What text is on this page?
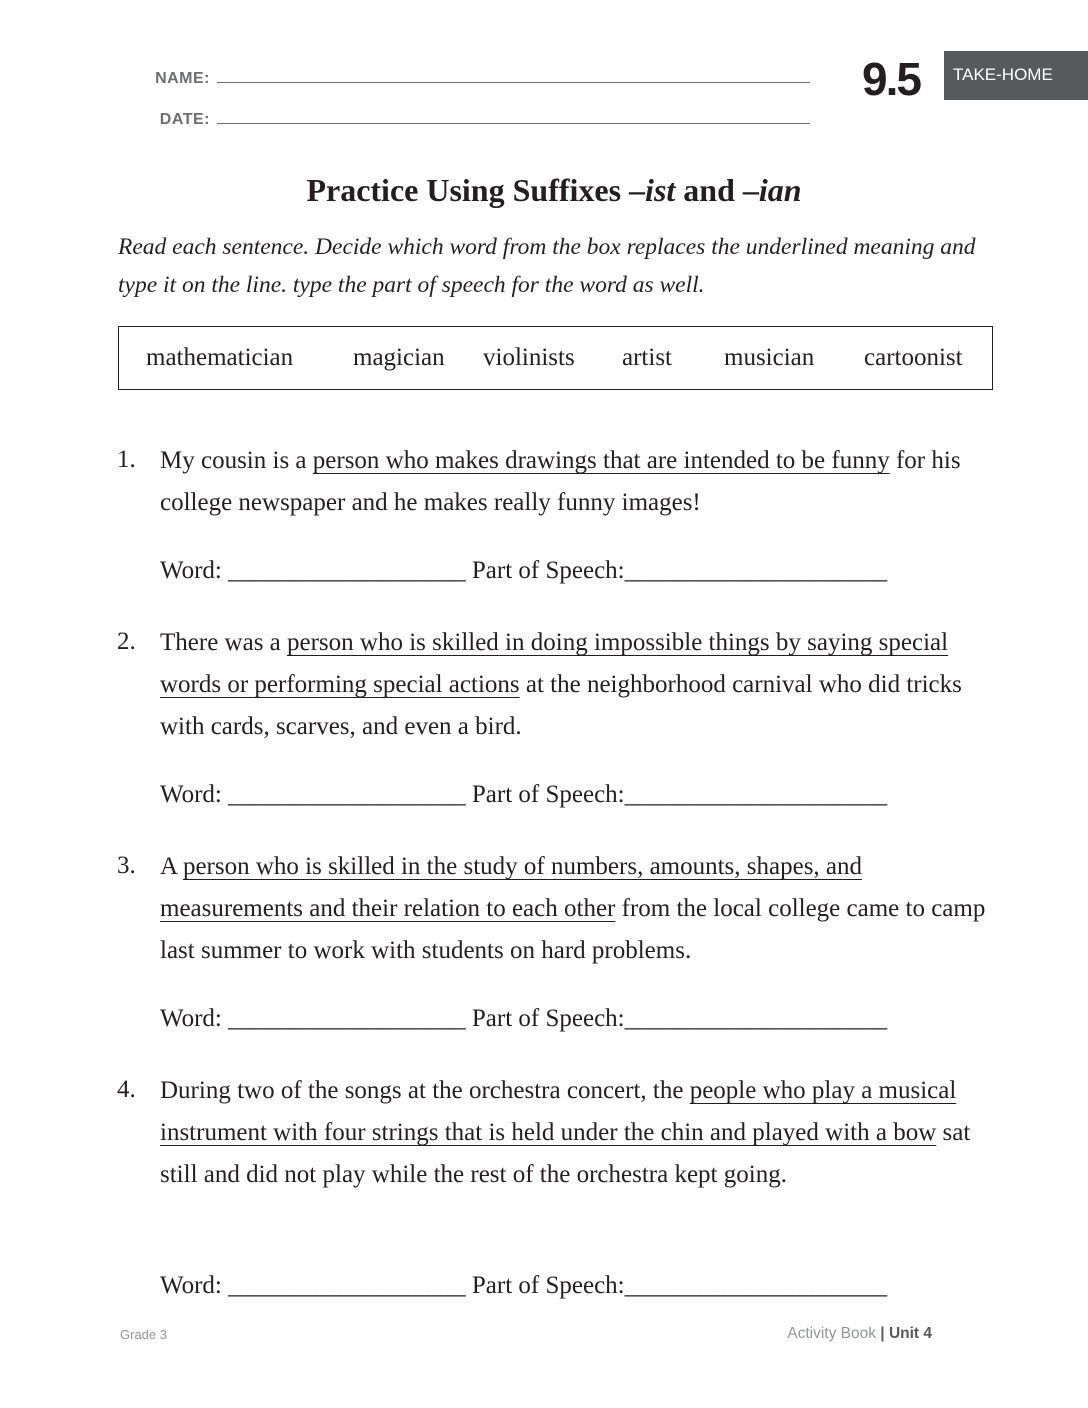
NAME:
DATE:
9.5	TAKE-HOME
Practice Using Suffixes –ist and –ian
Read each sentence. Decide which word from the box replaces the underlined meaning and type it on the line. type the part of speech for the word as well.
mathematician magician violinists artist musician cartoonist
1. My cousin is a person who makes drawings that are intended to be funny for his college newspaper and he makes really funny images!
Word: ___________________ Part of Speech:_____________________
2. There was a person who is skilled in doing impossible things by saying special words or performing special actions at the neighborhood carnival who did tricks with cards, scarves, and even a bird.
Word: ___________________ Part of Speech:_____________________
3. A person who is skilled in the study of numbers, amounts, shapes, and measurements and their relation to each other from the local college came to camp last summer to work with students on hard problems.
Word: ___________________ Part of Speech:_____________________
4. During two of the songs at the orchestra concert, the people who play a musical instrument with four strings that is held under the chin and played with a bow sat still and did not play while the rest of the orchestra kept going.
Word: ___________________ Part of Speech:_____________________
Grade 3	Activity Book | Unit 4
